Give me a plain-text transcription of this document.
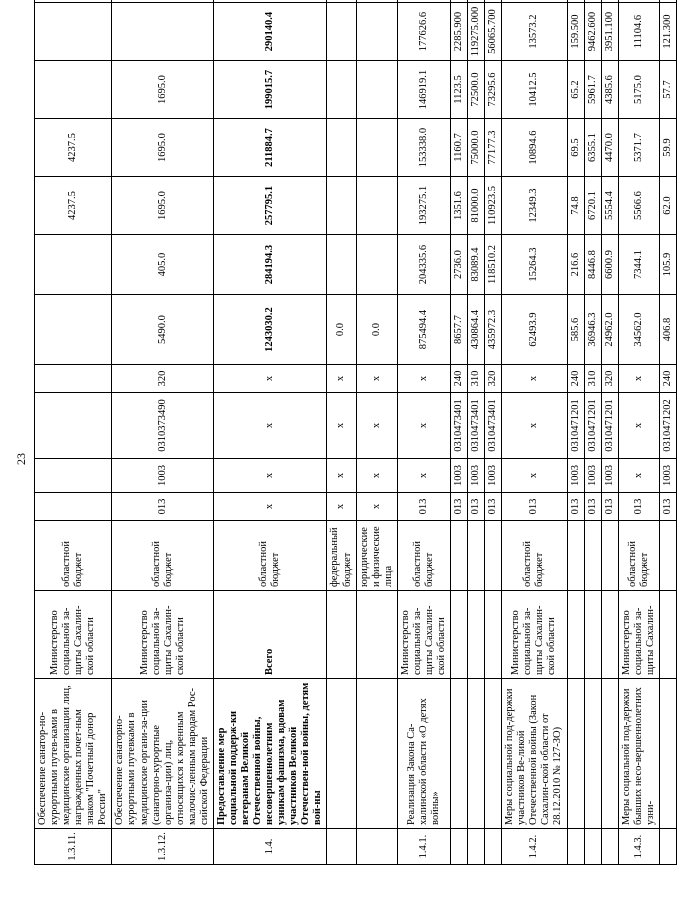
23
1.3.11.	Обеспечение санатор-но-курортными путев-ками в медицинские организации лиц, награжденных почет-ным знаком "Почетный донор России"	Министерство социальной за-щиты Сахалин-ской области	областной бюджет							4237.5	4237.5				
1.3.12.	Обеспечение санаторно-курортными путевками в медицинские органи-за-ции (санаторно-курортные организа-ции) лиц, относящихся к коренным малочис-ленным народам Рос-сийской Федерации	Министерство социальной за-щиты Сахалин-ской области	областной бюджет	013	1003	0310373490	320	5490.0	405.0	1695.0	1695.0	1695.0			
1.4.	Предоставление мер социальной поддерж-ки ветеранам Великой Отечественной войны, несовершеннолетним узникам фашизма, вдовам участников Великой Отечествен-ной войны, детям вой-ны	Всего	областной бюджет	x	x	x	x	1243030.2	284194.3	257795.1	211884.7	199015.7	290140.4		
			федеральный бюджет	x	x	x	x	0.0							
			юридические и физические лица	x	x	x	x	0.0							
1.4.1.	Реализация Закона Са-халинской области «О детях войны»	Министерство социальной за-щиты Сахалин-ской области	областной бюджет	013	x	x	x	875494.4	204335.6	193275.1	153338.0	146919.1	177626.6		
				013	1003	0310473401	240	8657.7	2736.0	1351.6	1160.7	1123.5	2285.900		
				013	1003	0310473401	310	430864.4	83089.4	81000.0	75000.0	72500.0	119275.000		
				013	1003	0310473401	320	435972.3	118510.2	110923.5	77177.3	73295.6	56065.700		
1.4.2.	Меры социальной под-держки участников Ве-ликой Отечественной войны (Закон Сахалин-ской области от 28.12.2010 № 127-ЗО)	Министерство социальной за-щиты Сахалин-ской области	областной бюджет	013	x	x	x	62493.9	15264.3	12349.3	10894.6	10412.5	13573.2		
				013	1003	0310471201	240	585.6	216.6	74.8	69.5	65.2	159.500		
				013	1003	0310471201	310	36946.3	8446.8	6720.1	6355.1	5961.7	9462.600		
				013	1003	0310471201	320	24962.0	6600.9	5554.4	4470.0	4385.6	3951.100		
1.4.3.	Меры социальной под-держки бывших несо-вершеннолетних узни-	Министерство социальной за-щиты Сахалин-	областной бюджет	013	x	x	x	34562.0	7344.1	5566.6	5371.7	5175.0	11104.6		
				013	1003	0310471202	240	406.8	105.9	62.0	59.9	57.7	121.300		
